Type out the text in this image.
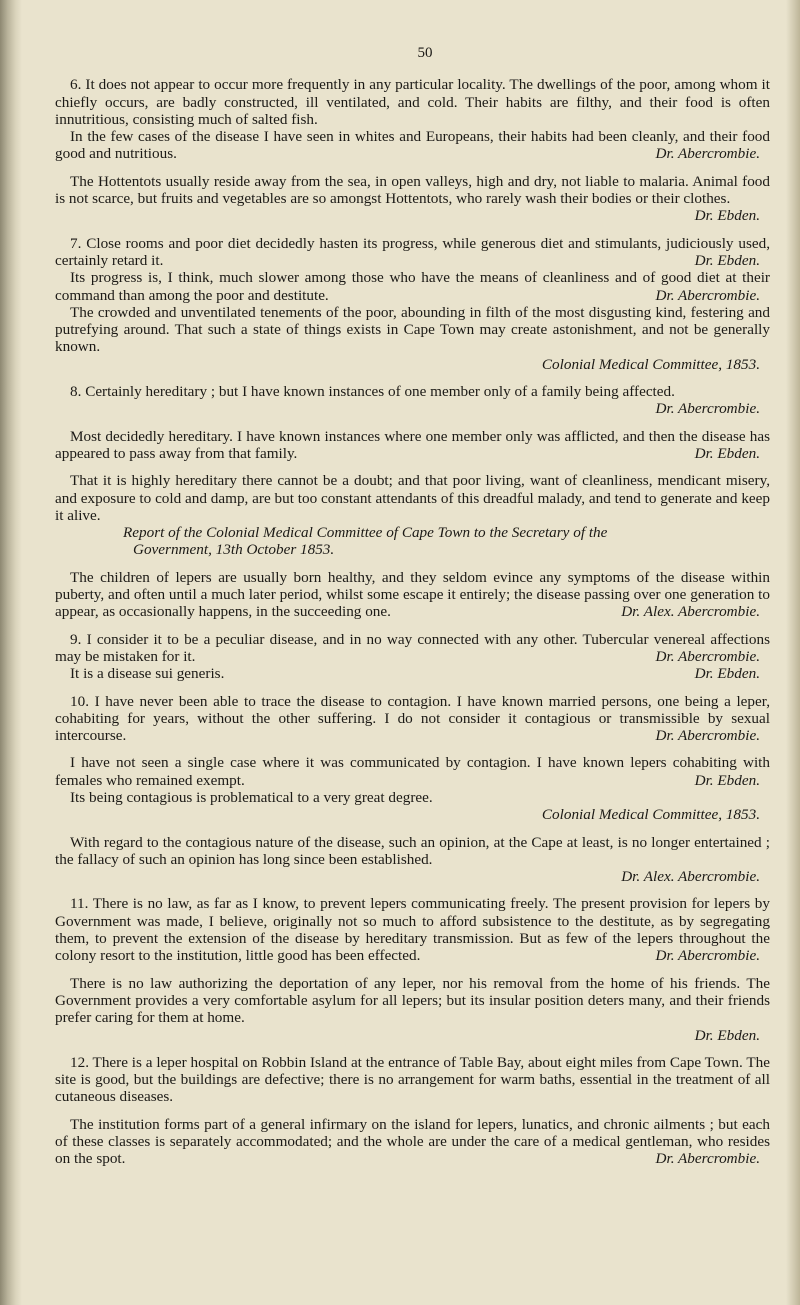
50

6. It does not appear to occur more frequently in any particular locality. The dwellings of the poor, among whom it chiefly occurs, are badly constructed, ill ventilated, and cold. Their habits are filthy, and their food is often innutritious, consisting much of salted fish.

In the few cases of the disease I have seen in whites and Europeans, their habits had been cleanly, and their food good and nutritious.	Dr. Abercrombie.

The Hottentots usually reside away from the sea, in open valleys, high and dry, not liable to malaria. Animal food is not scarce, but fruits and vegetables are so amongst Hottentots, who rarely wash their bodies or their clothes.
Dr. Ebden.

7. Close rooms and poor diet decidedly hasten its progress, while generous diet and stimulants, judiciously used, certainly retard it.	Dr. Ebden.

Its progress is, I think, much slower among those who have the means of cleanliness and of good diet at their command than among the poor and destitute.	Dr. Abercrombie.

The crowded and unventilated tenements of the poor, abounding in filth of the most disgusting kind, festering and putrefying around. That such a state of things exists in Cape Town may create astonishment, and not be generally known.

Colonial Medical Committee, 1853.

8. Certainly hereditary ; but I have known instances of one member only of a family being affected.
Dr. Abercrombie.

Most decidedly hereditary. I have known instances where one member only was afflicted, and then the disease has appeared to pass away from that family.	Dr. Ebden.

That it is highly hereditary there cannot be a doubt; and that poor living, want of cleanliness, mendicant misery, and exposure to cold and damp, are but too constant attendants of this dreadful malady, and tend to generate and keep it alive.

Report of the Colonial Medical Committee of Cape Town to the Secretary of the
Government, 13th October 1853.

The children of lepers are usually born healthy, and they seldom evince any symptoms of the disease within puberty, and often until a much later period, whilst some escape it entirely; the disease passing over one generation to appear, as occasionally happens, in the succeeding one.	Dr. Alex. Abercrombie.

9. I consider it to be a peculiar disease, and in no way connected with any other. Tubercular venereal affections may be mistaken for it.	Dr. Abercrombie.

It is a disease sui generis.	Dr. Ebden.

10. I have never been able to trace the disease to contagion. I have known married persons, one being a leper, cohabiting for years, without the other suffering. I do not consider it contagious or transmissible by sexual intercourse.	Dr. Abercrombie.

I have not seen a single case where it was communicated by contagion. I have known lepers cohabiting with females who remained exempt.	Dr. Ebden.

Its being contagious is problematical to a very great degree.

Colonial Medical Committee, 1853.

With regard to the contagious nature of the disease, such an opinion, at the Cape at least, is no longer entertained ; the fallacy of such an opinion has long since been established.

Dr. Alex. Abercrombie.

11. There is no law, as far as I know, to prevent lepers communicating freely. The present provision for lepers by Government was made, I believe, originally not so much to afford subsistence to the destitute, as by segregating them, to prevent the extension of the disease by hereditary transmission. But as few of the lepers throughout the colony resort to the institution, little good has been effected.	Dr. Abercrombie.

There is no law authorizing the deportation of any leper, nor his removal from the home of his friends. The Government provides a very comfortable asylum for all lepers; but its insular position deters many, and their friends prefer caring for them at home.

Dr. Ebden.

12. There is a leper hospital on Robbin Island at the entrance of Table Bay, about eight miles from Cape Town. The site is good, but the buildings are defective; there is no arrangement for warm baths, essential in the treatment of all cutaneous diseases.

The institution forms part of a general infirmary on the island for lepers, lunatics, and chronic ailments ; but each of these classes is separately accommodated; and the whole are under the care of a medical gentleman, who resides on the spot.	Dr. Abercrombie.
